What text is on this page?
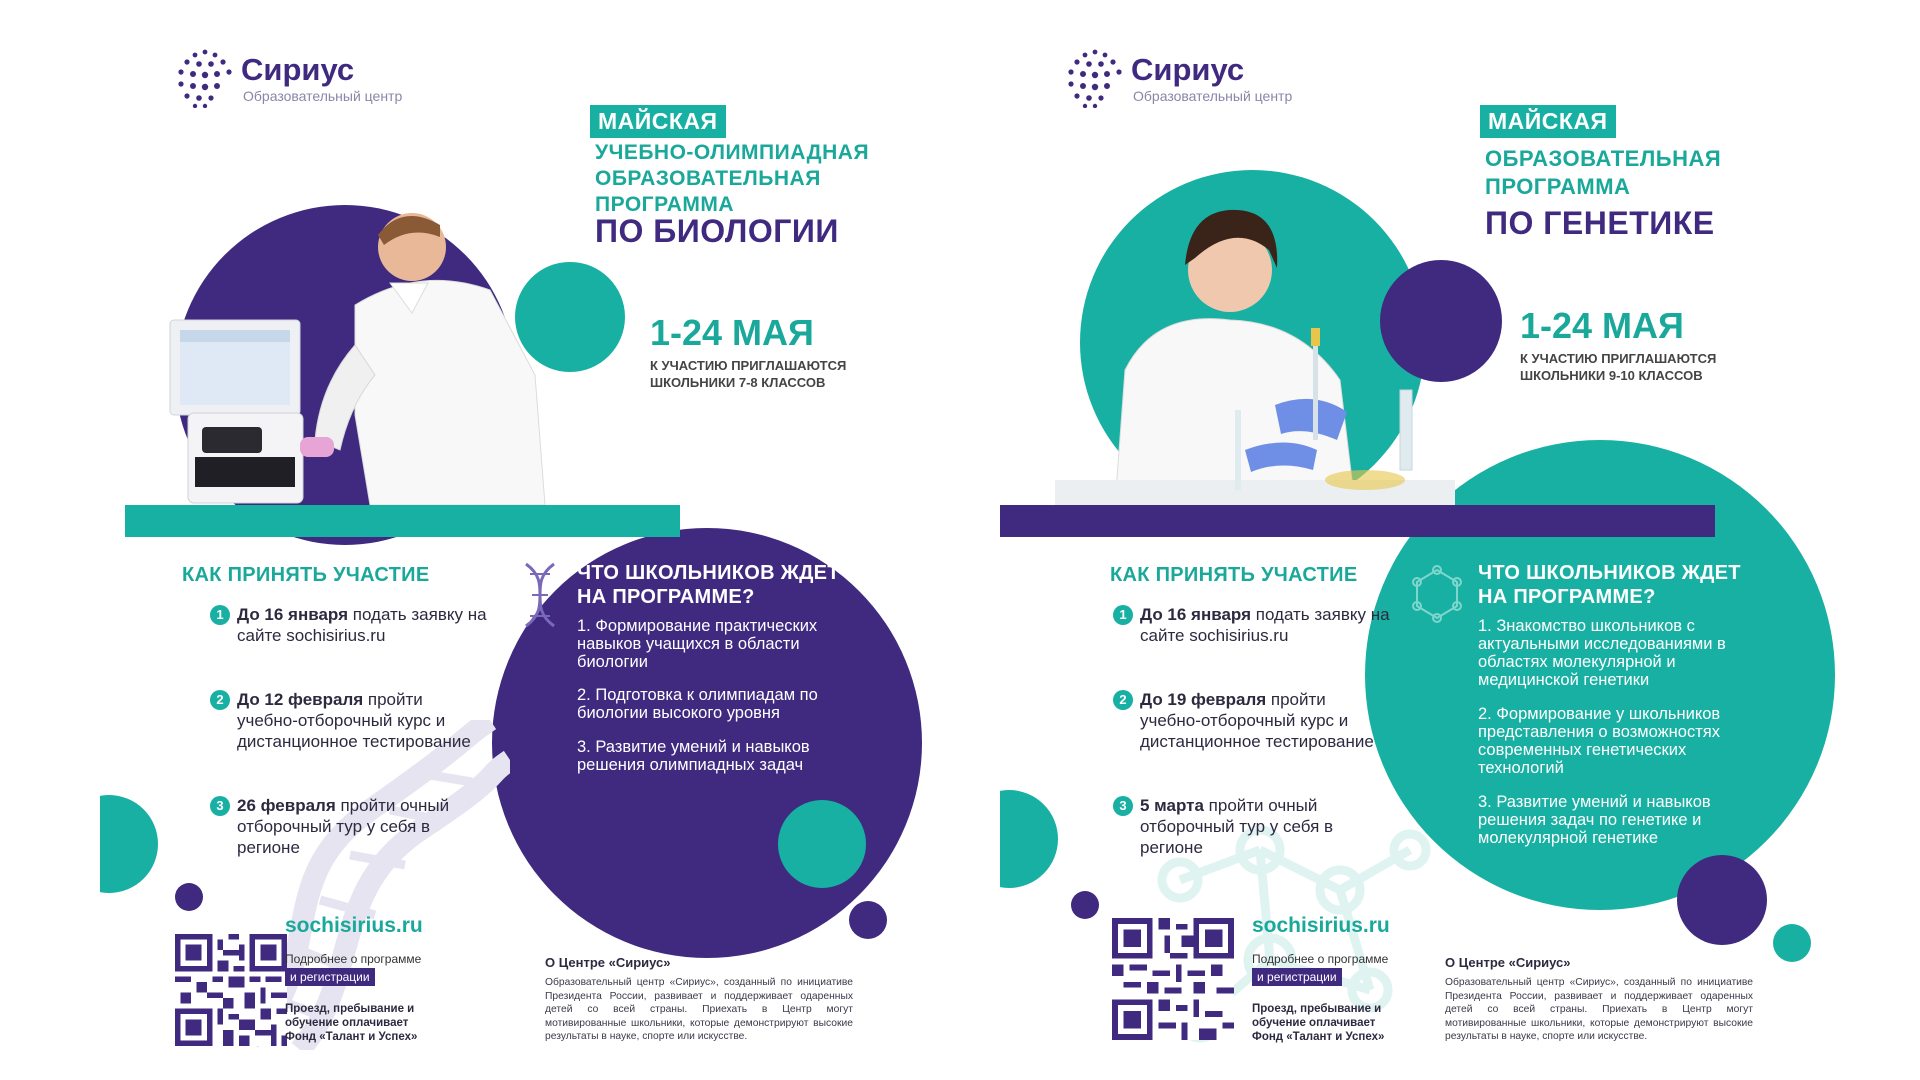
Сириус
Образовательный центр
МАЙСКАЯ
УЧЕБНО-ОЛИМПИАДНАЯ
ОБРАЗОВАТЕЛЬНАЯ
ПРОГРАММА
ПО БИОЛОГИИ
1-24 МАЯ
К УЧАСТИЮ ПРИГЛАШАЮТСЯ
ШКОЛЬНИКИ 7-8 КЛАССОВ
КАК ПРИНЯТЬ УЧАСТИЕ
1 До 16 января подать заявку на сайте sochisirius.ru
2 До 12 февраля пройти учебно-отборочный курс и дистанционное тестирование
3 26 февраля пройти очный отборочный тур у себя в регионе
ЧТО ШКОЛЬНИКОВ ЖДЕТ НА ПРОГРАММЕ?
1. Формирование практических навыков учащихся в области биологии
2. Подготовка к олимпиадам по биологии высокого уровня
3. Развитие умений и навыков решения олимпиадных задач
sochisirius.ru
Подробнее о программе
и регистрации
Проезд, пребывание и обучение оплачивает Фонд «Талант и Успех»
О Центре «Сириус»
Образовательный центр «Сириус», созданный по инициативе Президента России, развивает и поддерживает одаренных детей со всей страны. Приехать в Центр могут мотивированные школьники, которые демонстрируют высокие результаты в науке, спорте или искусстве.
Сириус
Образовательный центр
МАЙСКАЯ
ОБРАЗОВАТЕЛЬНАЯ
ПРОГРАММА
ПО ГЕНЕТИКЕ
1-24 МАЯ
К УЧАСТИЮ ПРИГЛАШАЮТСЯ
ШКОЛЬНИКИ 9-10 КЛАССОВ
КАК ПРИНЯТЬ УЧАСТИЕ
1 До 16 января подать заявку на сайте sochisirius.ru
2 До 19 февраля пройти учебно-отборочный курс и дистанционное тестирование
3 5 марта пройти очный отборочный тур у себя в регионе
ЧТО ШКОЛЬНИКОВ ЖДЕТ НА ПРОГРАММЕ?
1. Знакомство школьников с актуальными исследованиями в областях молекулярной и медицинской генетики
2. Формирование у школьников представления о возможностях современных генетических технологий
3. Развитие умений и навыков решения задач по генетике и молекулярной генетике
sochisirius.ru
Подробнее о программе
и регистрации
Проезд, пребывание и обучение оплачивает Фонд «Талант и Успех»
О Центре «Сириус»
Образовательный центр «Сириус», созданный по инициативе Президента России, развивает и поддерживает одаренных детей со всей страны. Приехать в Центр могут мотивированные школьники, которые демонстрируют высокие результаты в науке, спорте или искусстве.
